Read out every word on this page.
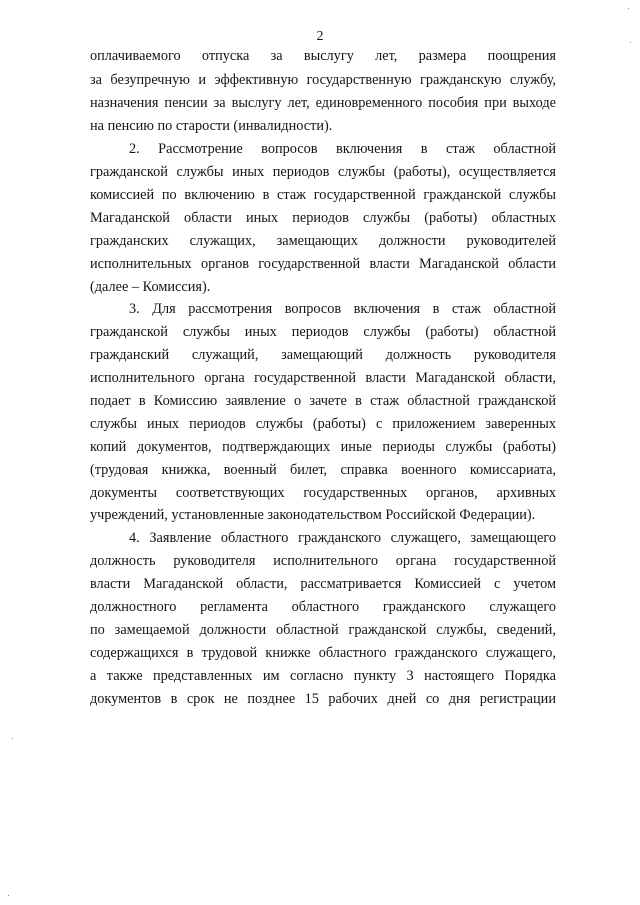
2
оплачиваемого отпуска за выслугу лет, размера поощрения
за безупречную и эффективную государственную гражданскую службу,
назначения пенсии за выслугу лет, единовременного пособия при выходе
на пенсию по старости (инвалидности).
2. Рассмотрение вопросов включения в стаж областной
гражданской службы иных периодов службы (работы), осуществляется
комиссией по включению в стаж государственной гражданской службы
Магаданской области иных периодов службы (работы) областных
гражданских служащих, замещающих должности руководителей
исполнительных органов государственной власти Магаданской области
(далее – Комиссия).
3. Для рассмотрения вопросов включения в стаж областной
гражданской службы иных периодов службы (работы) областной
гражданский служащий, замещающий должность руководителя
исполнительного органа государственной власти Магаданской области,
подает в Комиссию заявление о зачете в стаж областной гражданской
службы иных периодов службы (работы) с приложением заверенных
копий документов, подтверждающих иные периоды службы (работы)
(трудовая книжка, военный билет, справка военного комиссариата,
документы соответствующих государственных органов, архивных
учреждений, установленные законодательством Российской Федерации).
4. Заявление областного гражданского служащего, замещающего
должность руководителя исполнительного органа государственной
власти Магаданской области, рассматривается Комиссией с учетом
должностного регламента областного гражданского служащего
по замещаемой должности областной гражданской службы, сведений,
содержащихся в трудовой книжке областного гражданского служащего,
а также представленных им согласно пункту 3 настоящего Порядка
документов в срок не позднее 15 рабочих дней со дня регистрации
